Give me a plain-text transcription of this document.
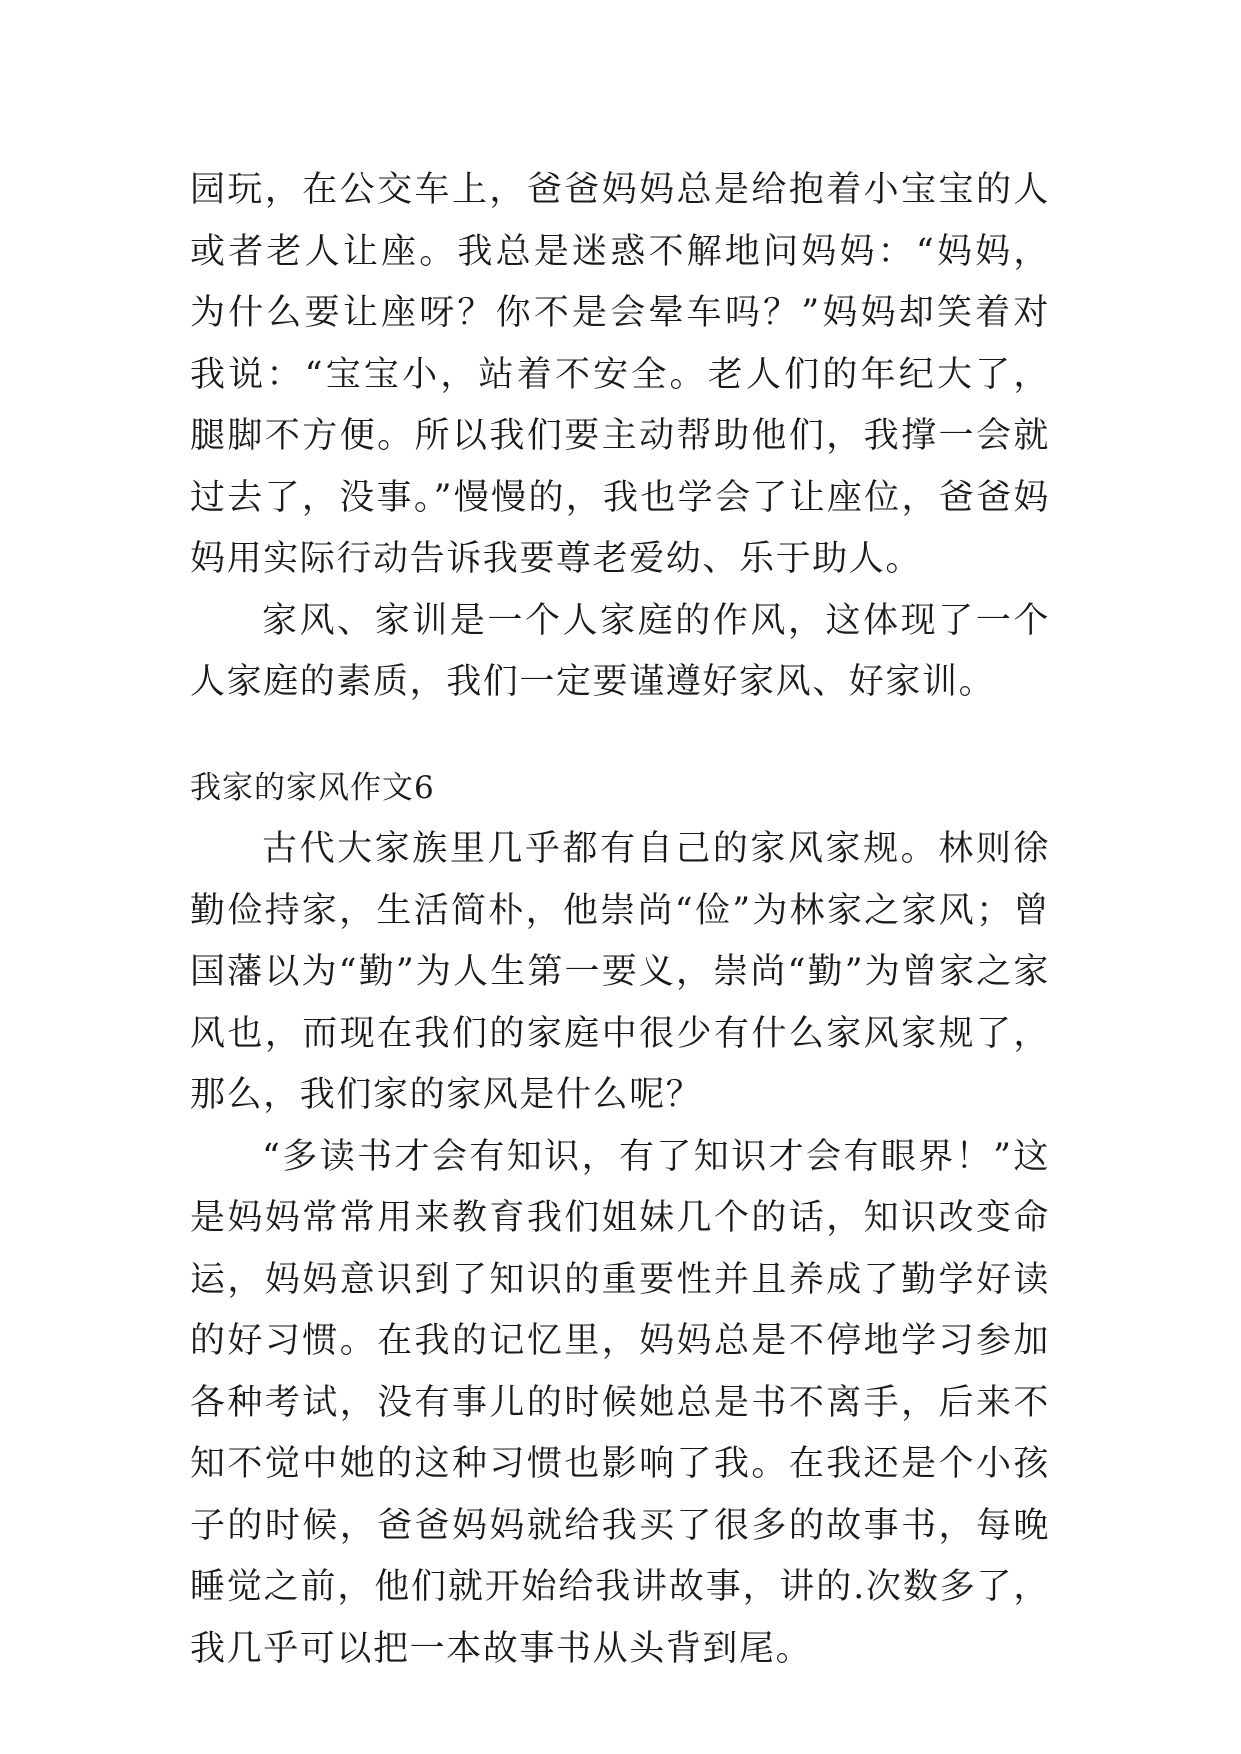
园玩，在公交车上，爸爸妈妈总是给抱着小宝宝的人或者老人让座。我总是迷惑不解地问妈妈：“妈妈，为什么要让座呀？你不是会晕车吗？”妈妈却笑着对我说：“宝宝小，站着不安全。老人们的年纪大了，腿脚不方便。所以我们要主动帮助他们，我撑一会就过去了，没事。”慢慢的，我也学会了让座位，爸爸妈妈用实际行动告诉我要尊老爱幼、乐于助人。

家风、家训是一个人家庭的作风，这体现了一个人家庭的素质，我们一定要谨遵好家风、好家训。

我家的家风作文6

古代大家族里几乎都有自己的家风家规。林则徐勤俭持家，生活简朴，他崇尚“俭”为林家之家风；曾国藩以为“勤”为人生第一要义，崇尚“勤”为曾家之家风也，而现在我们的家庭中很少有什么家风家规了，那么，我们家的家风是什么呢？

“多读书才会有知识，有了知识才会有眼界！”这是妈妈常常用来教育我们姐妹几个的话，知识改变命运，妈妈意识到了知识的重要性并且养成了勤学好读的好习惯。在我的记忆里，妈妈总是不停地学习参加各种考试，没有事儿的时候她总是书不离手，后来不知不觉中她的这种习惯也影响了我。在我还是个小孩子的时候，爸爸妈妈就给我买了很多的故事书，每晚睡觉之前，他们就开始给我讲故事，讲的.次数多了，我几乎可以把一本故事书从头背到尾。
